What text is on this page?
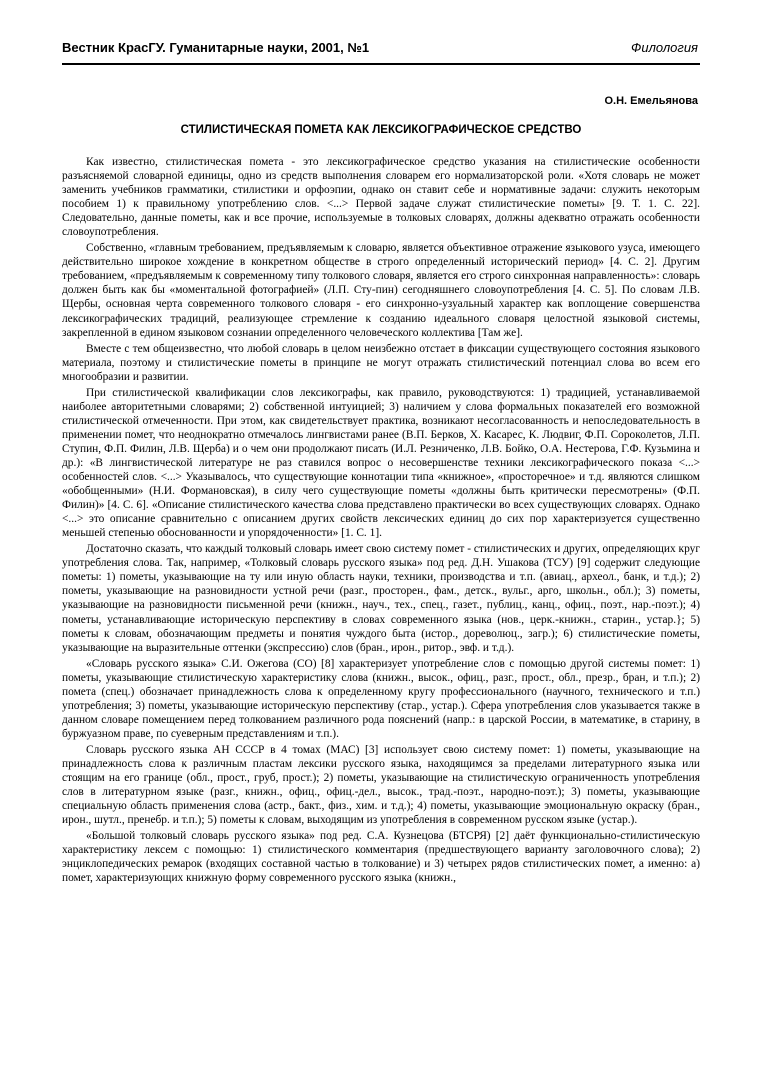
Вестник КрасГУ. Гуманитарные науки, 2001, №1	Филология
О.Н. Емельянова
СТИЛИСТИЧЕСКАЯ ПОМЕТА КАК ЛЕКСИКОГРАФИЧЕСКОЕ СРЕДСТВО

Как известно, стилистическая помета - это лексикографическое средство указания на стилистические особенности разъясняемой словарной единицы, одно из средств выполнения словарем его нормализаторской роли. «Хотя словарь не может заменить учебников грамматики, стилистики и орфоэпии, однако он ставит себе и нормативные задачи: служить некоторым пособием 1) к правильному употреблению слов. <...> Первой задаче служат стилистические пометы» [9. Т. 1. С. 22]. Следовательно, данные пометы, как и все прочие, используемые в толковых словарях, должны адекватно отражать особенности словоупотребления.

Собственно, «главным требованием, предъявляемым к словарю, является объективное отражение языкового узуса, имеющего действительно широкое хождение в конкретном обществе в строго определенный исторический период» [4. С. 2]. Другим требованием, «предъявляемым к современному типу толкового словаря, является его строго синхронная направленность»: словарь должен быть как бы «моментальной фотографией» (Л.П. Сту-пин) сегодняшнего словоупотребления [4. С. 5]. По словам Л.В. Щербы, основная черта современного толкового словаря - его синхронно-узуальный характер как воплощение совершенства лексикографических традиций, реализующее стремление к созданию идеального словаря целостной языковой системы, закрепленной в едином языковом сознании определенного человеческого коллектива [Там же].

Вместе с тем общеизвестно, что любой словарь в целом неизбежно отстает в фиксации существующего состояния языкового материала, поэтому и стилистические пометы в принципе не могут отражать стилистический потенциал слова во всем его многообразии и развитии.

При стилистической квалификации слов лексикографы, как правило, руководствуются: 1) традицией, устанавливаемой наиболее авторитетными словарями; 2) собственной интуицией; 3) наличием у слова формальных показателей его возможной стилистической отмеченности. При этом, как свидетельствует практика, возникают несогласованность и непоследовательность в применении помет, что неоднократно отмечалось лингвистами ранее (В.П. Берков, Х. Касарес, К. Людвиг, Ф.П. Сороколетов, Л.П. Ступин, Ф.П. Филин, Л.В. Щерба) и о чем они продолжают писать (И.Л. Резниченко, Л.В. Бойко, О.А. Нестерова, Г.Ф. Кузьмина и др.): «В лингвистической литературе не раз ставился вопрос о несовершенстве техники лексикографического показа <...> особенностей слов. <...> Указывалось, что существующие коннотации типа «книжное», «просторечное» и т.д. являются слишком «обобщенными» (Н.И. Формановская), в силу чего существующие пометы «должны быть критически пересмотрены» (Ф.П. Филин)» [4. С. 6]. «Описание стилистического качества слова представлено практически во всех существующих словарях. Однако <...> это описание сравнительно с описанием других свойств лексических единиц до сих пор характеризуется существенно меньшей степенью обоснованности и упорядоченности» [1. С. 1].

Достаточно сказать, что каждый толковый словарь имеет свою систему помет - стилистических и других, определяющих круг употребления слова. Так, например, «Толковый словарь русского языка» под ред. Д.Н. Ушакова (ТСУ) [9] содержит следующие пометы: 1) пометы, указывающие на ту или иную область науки, техники, производства и т.п. (авиац., археол., банк, и т.д.); 2) пометы, указывающие на разновидности устной речи (разг., просторен., фам., детск., вульг., арго, школьн., обл.); 3) пометы, указывающие на разновидности письменной речи (книжн., науч., тех., спец., газет., публиц., канц., офиц., поэт., нар.-поэт.); 4) пометы, устанавливающие историческую перспективу в словах современного языка (нов., церк.-книжн., старин., устар.}; 5) пометы к словам, обозначающим предметы и понятия чуждого быта (истор., дореволюц., загр.); 6) стилистические пометы, указывающие на выразительные оттенки (экспрессию) слов (бран., ирон., ритор., эвф. и т.д.).

«Словарь русского языка» С.И. Ожегова (СО) [8] характеризует употребление слов с помощью другой системы помет: 1) пометы, указывающие стилистическую характеристику слова (книжн., высок., офиц., разг., прост., обл., презр., бран, и т.п.); 2) помета (спец.) обозначает принадлежность слова к определенному кругу профессионального (научного, технического и т.п.) употребления; 3) пометы, указывающие историческую перспективу (стар., устар.). Сфера употребления слов указывается также в данном словаре помещением перед толкованием различного рода пояснений (напр.: в царской России, в математике, в старину, в буржуазном праве, по суеверным представлениям и т.п.).

Словарь русского языка АН СССР в 4 томах (МАС) [3] использует свою систему помет: 1) пометы, указывающие на принадлежность слова к различным пластам лексики русского языка, находящимся за пределами литературного языка или стоящим на его границе (обл., прост., груб, прост.); 2) пометы, указывающие на стилистическую ограниченность употребления слов в литературном языке (разг., книжн., офиц., офиц.-дел., высок., трад.-поэт., народно-поэт.); 3) пометы, указывающие специальную область применения слова (астр., бакт., физ., хим. и т.д.); 4) пометы, указывающие эмоциональную окраску (бран., ирон., шутл., пренебр. и т.п.); 5) пометы к словам, выходящим из употребления в современном русском языке (устар.).

«Большой толковый словарь русского языка» под ред. С.А. Кузнецова (БТСРЯ) [2] даёт функционально-стилистическую характеристику лексем с помощью: 1) стилистического комментария (предшествующего варианту заголовочного слова); 2) энциклопедических ремарок (входящих составной частью в толкование) и 3) четырех рядов стилистических помет, а именно: а) помет, характеризующих книжную форму современного русского языка (книжн.,
